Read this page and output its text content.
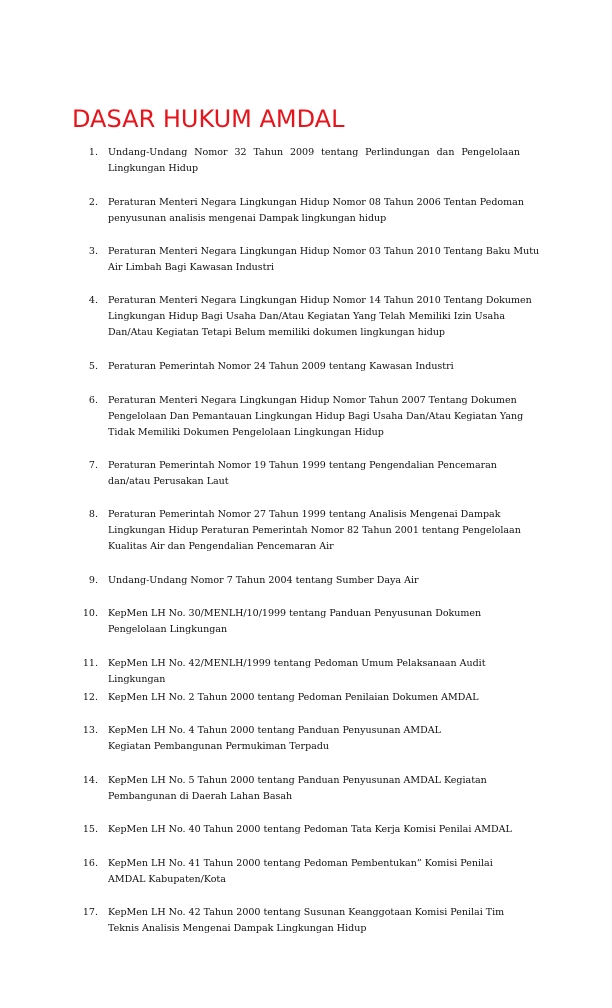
DASAR HUKUM AMDAL
1. Undang-Undang Nomor 32 Tahun 2009 tentang Perlindungan dan Pengelolaan Lingkungan Hidup
2. Peraturan Menteri Negara Lingkungan Hidup Nomor 08 Tahun 2006 Tentan Pedoman penyusunan analisis mengenai Dampak lingkungan hidup
3. Peraturan Menteri Negara Lingkungan Hidup Nomor 03 Tahun 2010 Tentang Baku Mutu Air Limbah Bagi Kawasan Industri
4. Peraturan Menteri Negara Lingkungan Hidup Nomor 14 Tahun 2010 Tentang Dokumen Lingkungan Hidup Bagi Usaha Dan/Atau Kegiatan Yang Telah Memiliki Izin Usaha Dan/Atau Kegiatan Tetapi Belum memiliki dokumen lingkungan hidup
5. Peraturan Pemerintah Nomor 24 Tahun 2009 tentang Kawasan Industri
6. Peraturan Menteri Negara Lingkungan Hidup Nomor Tahun 2007 Tentang Dokumen Pengelolaan Dan Pemantauan Lingkungan Hidup Bagi Usaha Dan/Atau Kegiatan Yang Tidak Memiliki Dokumen Pengelolaan Lingkungan Hidup
7. Peraturan Pemerintah Nomor 19 Tahun 1999 tentang Pengendalian Pencemaran dan/atau Perusakan Laut
8. Peraturan Pemerintah Nomor 27 Tahun 1999 tentang Analisis Mengenai Dampak Lingkungan Hidup Peraturan Pemerintah Nomor 82 Tahun 2001 tentang Pengelolaan Kualitas Air dan Pengendalian Pencemaran Air
9. Undang-Undang Nomor 7 Tahun 2004 tentang Sumber Daya Air
10. KepMen LH No. 30/MENLH/10/1999 tentang Panduan Penyusunan Dokumen Pengelolaan Lingkungan
11. KepMen LH No. 42/MENLH/1999 tentang Pedoman Umum Pelaksanaan Audit Lingkungan
12. KepMen LH No. 2 Tahun 2000 tentang Pedoman Penilaian Dokumen AMDAL
13. KepMen LH No. 4 Tahun 2000 tentang Panduan Penyusunan AMDAL Kegiatan Pembangunan Permukiman Terpadu
14. KepMen LH No. 5 Tahun 2000 tentang Panduan Penyusunan AMDAL Kegiatan Pembangunan di Daerah Lahan Basah
15. KepMen LH No. 40 Tahun 2000 tentang Pedoman Tata Kerja Komisi Penilai AMDAL
16. KepMen LH No. 41 Tahun 2000 tentang Pedoman Pembentukan” Komisi Penilai AMDAL Kabupaten/Kota
17. KepMen LH No. 42 Tahun 2000 tentang Susunan Keanggotaan Komisi Penilai Tim Teknis Analisis Mengenai Dampak Lingkungan Hidup
